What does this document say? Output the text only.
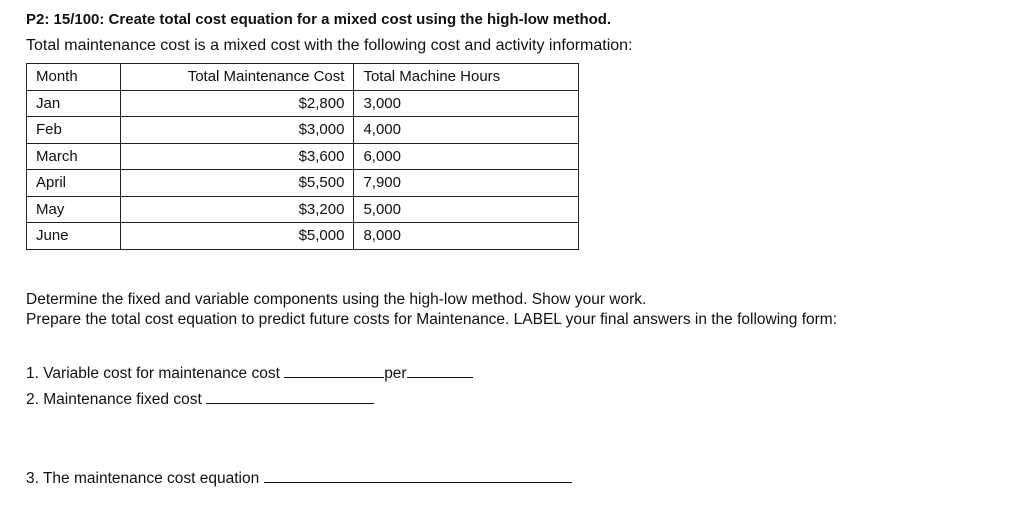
P2: 15/100: Create total cost equation for a mixed cost using the high-low method.
Total maintenance cost is a mixed cost with the following cost and activity information:
Month	Total Maintenance Cost	Total Machine Hours
Jan	$2,800	3,000
Feb	$3,000	4,000
March	$3,600	6,000
April	$5,500	7,900
May	$3,200	5,000
June	$5,000	8,000
Determine the fixed and variable components using the high-low method. Show your work.
Prepare the total cost equation to predict future costs for Maintenance. LABEL your final answers in the following form:
1. Variable cost for maintenance cost	per
2. Maintenance fixed cost
3. The maintenance cost equation
